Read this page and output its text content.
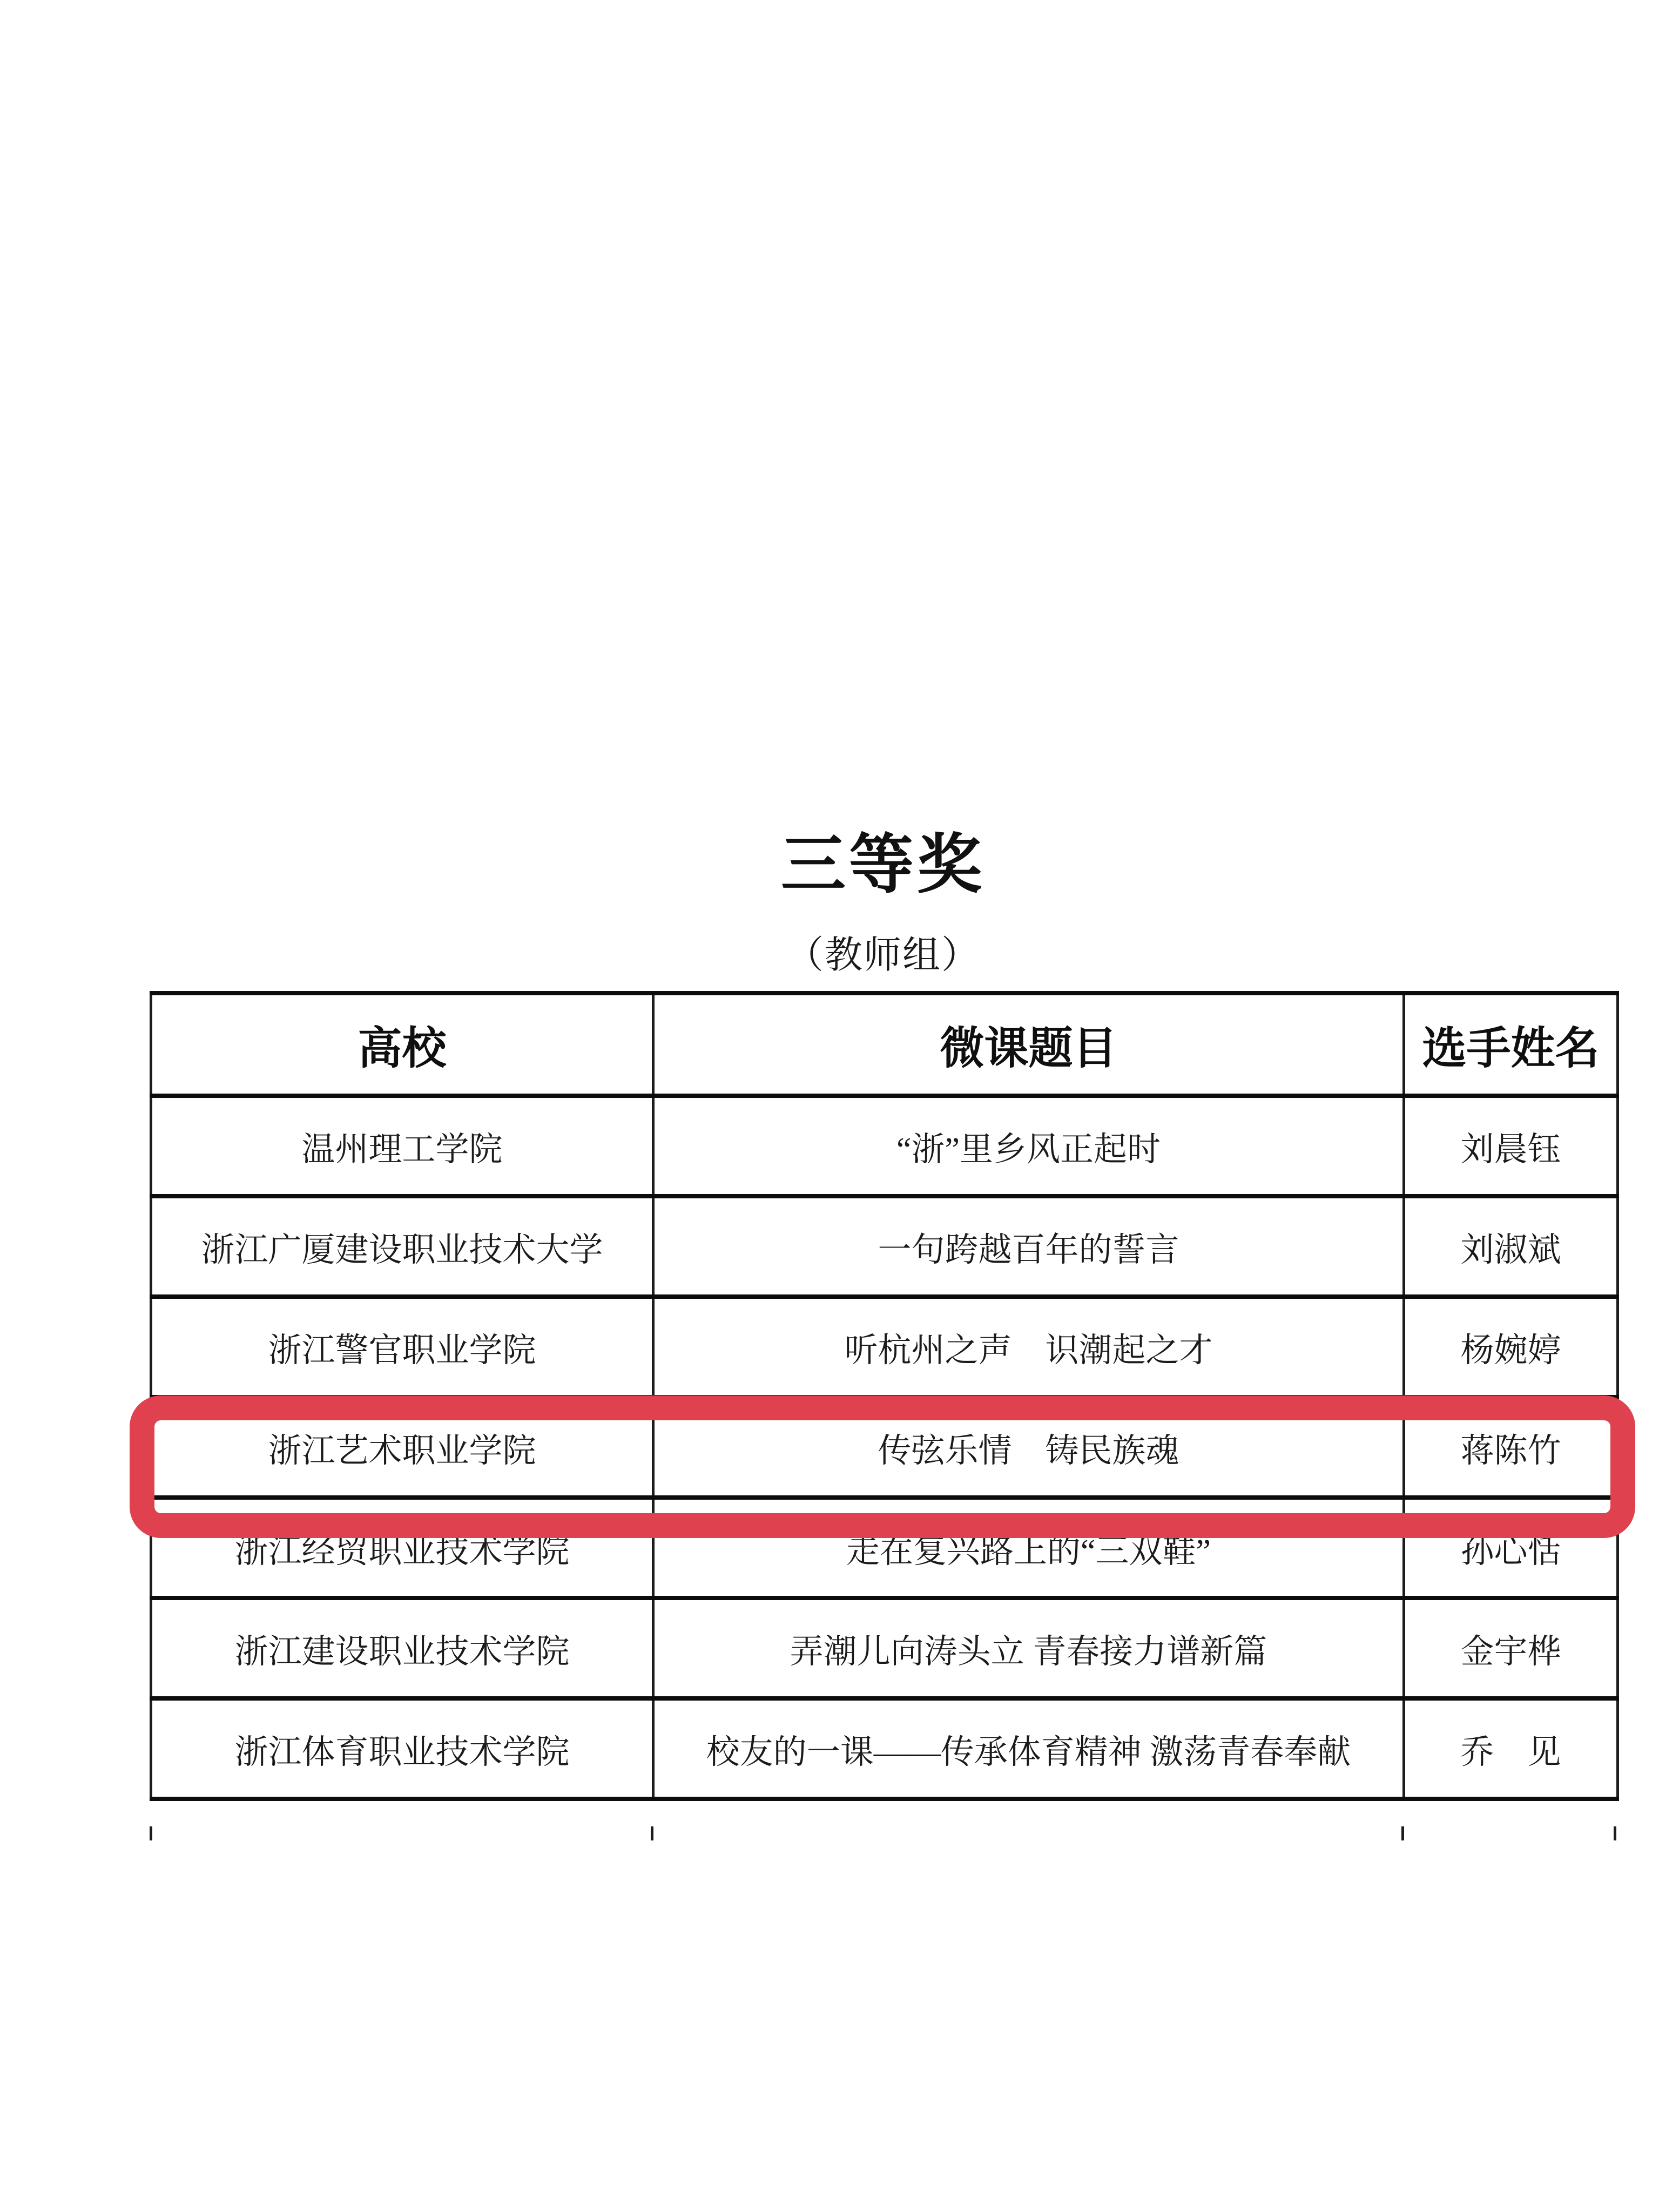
三等奖
（教师组）
高校	微课题目	选手姓名
温州理工学院	“浙”里乡风正起时	刘晨钰
浙江广厦建设职业技术大学	一句跨越百年的誓言	刘淑斌
浙江警官职业学院	听杭州之声　识潮起之才	杨婉婷
浙江艺术职业学院	传弦乐情　铸民族魂	蒋陈竹
浙江经贸职业技术学院	走在复兴路上的“三双鞋”	孙心恬
浙江建设职业技术学院	弄潮儿向涛头立 青春接力谱新篇	金宇桦
浙江体育职业技术学院	校友的一课——传承体育精神 激荡青春奉献	乔　见
